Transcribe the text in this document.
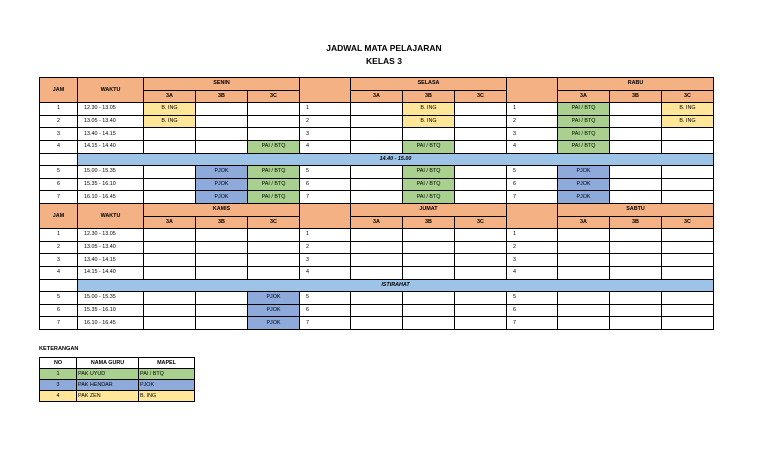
JADWAL MATA PELAJARAN
KELAS 3
JAM	WAKTU	SENIN				SELASA				RABU		
		3A	3B	3C		3A	3B	3C		3A	3B	3C
1	12.30 - 13.05	B. ING			1		B. ING		1	PAI / BTQ		B. ING
2	13.05 - 13.40	B. ING			2		B. ING		2	PAI / BTQ		B. ING
3	13.40 - 14.15				3				3	PAI / BTQ		
4	14.15 - 14.40			PAI / BTQ	4		PAI / BTQ		4	PAI / BTQ		
	14.40 - 15.00											
5	15.00 - 15.35		PJOK	PAI / BTQ	5		PAI / BTQ		5	PJOK		
6	15.35 - 16.10		PJOK	PAI / BTQ	6		PAI / BTQ		6	PJOK		
7	16.10 - 16.45		PJOK	PAI / BTQ	7		PAI / BTQ		7	PJOK		
JAM	WAKTU	KAMIS				JUMAT				SABTU		
		3A	3B	3C		3A	3B	3C		3A	3B	3C
1	12.30 - 13.05				1				1			
2	13.05 - 13.40				2				2			
3	13.40 - 14.15				3				3			
4	14.15 - 14.40				4				4			
	ISTIRAHAT											
5	15.00 - 15.35			PJOK	5				5			
6	15.35 - 16.10			PJOK	6				6			
7	16.10 - 16.45			PJOK	7				7			
KETERANGAN
NO	NAMA GURU	MAPEL
1	PAK UYUD	PAI / BTQ
3	PAK HENDAR	PJOK
4	PAK ZEN	B. ING
